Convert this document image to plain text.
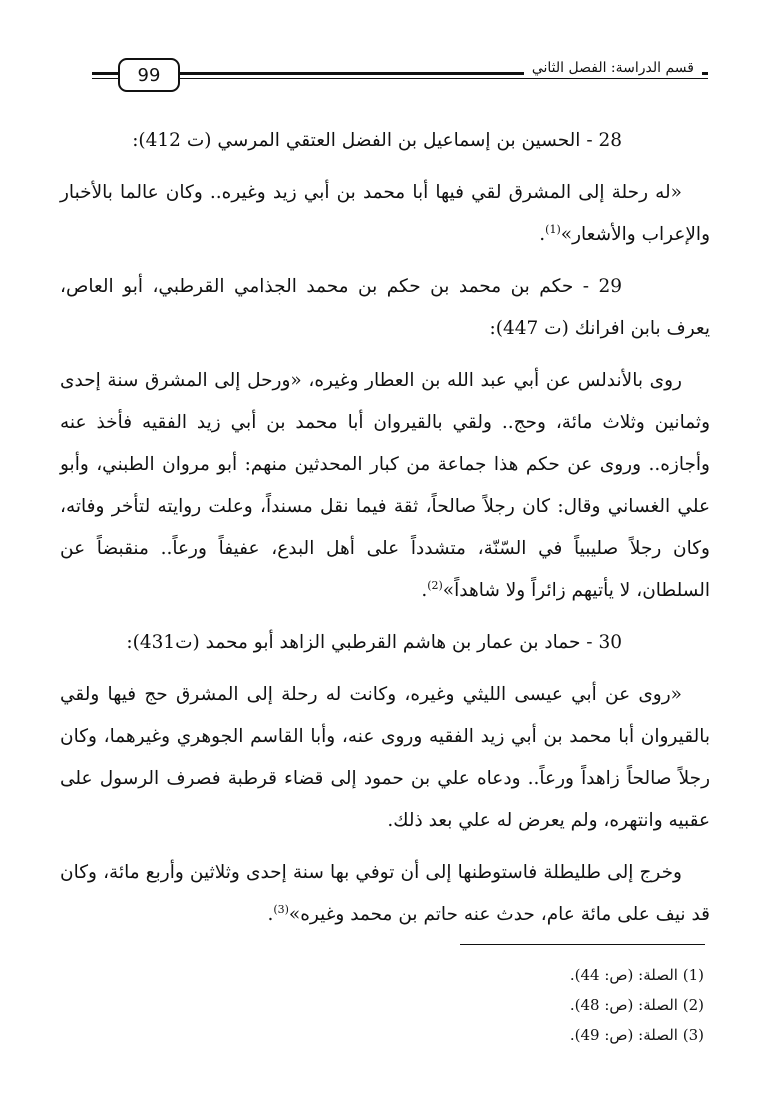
99	قسم الدراسة: الفصل الثاني

28 - الحسين بن إسماعيل بن الفضل العتقي المرسي (ت 412):

«له رحلة إلى المشرق لقي فيها أبا محمد بن أبي زيد وغيره.. وكان عالما بالأخبار والإعراب والأشعار»$^{(1)}$.

29 - حكم بن محمد بن حكم بن محمد الجذامي القرطبي، أبو العاص، يعرف بابن افرانك (ت 447):

روى بالأندلس عن أبي عبد الله بن العطار وغيره، «ورحل إلى المشرق سنة إحدى وثمانين وثلاث مائة، وحج.. ولقي بالقيروان أبا محمد بن أبي زيد الفقيه فأخذ عنه وأجازه.. وروى عن حكم هذا جماعة من كبار المحدثين منهم: أبو مروان الطبني، وأبو علي الغساني وقال: كان رجلاً صالحاً، ثقة فيما نقل مسنداً، وعلت روايته لتأخر وفاته، وكان رجلاً صليبياً في السّنّة، متشدداً على أهل البدع، عفيفاً ورعاً.. منقبضاً عن السلطان، لا يأتيهم زائراً ولا شاهداً»$^{(2)}$.

30 - حماد بن عمار بن هاشم القرطبي الزاهد أبو محمد (ت431):

«روى عن أبي عيسى الليثي وغيره، وكانت له رحلة إلى المشرق حج فيها ولقي بالقيروان أبا محمد بن أبي زيد الفقيه وروى عنه، وأبا القاسم الجوهري وغيرهما، وكان رجلاً صالحاً زاهداً ورعاً.. ودعاه علي بن حمود إلى قضاء قرطبة فصرف الرسول على عقبيه وانتهره، ولم يعرض له علي بعد ذلك.

وخرج إلى طليطلة فاستوطنها إلى أن توفي بها سنة إحدى وثلاثين وأربع مائة، وكان قد نيف على مائة عام، حدث عنه حاتم بن محمد وغيره»$^{(3)}$.

(1) الصلة: (ص: 44).
(2) الصلة: (ص: 48).
(3) الصلة: (ص: 49).
